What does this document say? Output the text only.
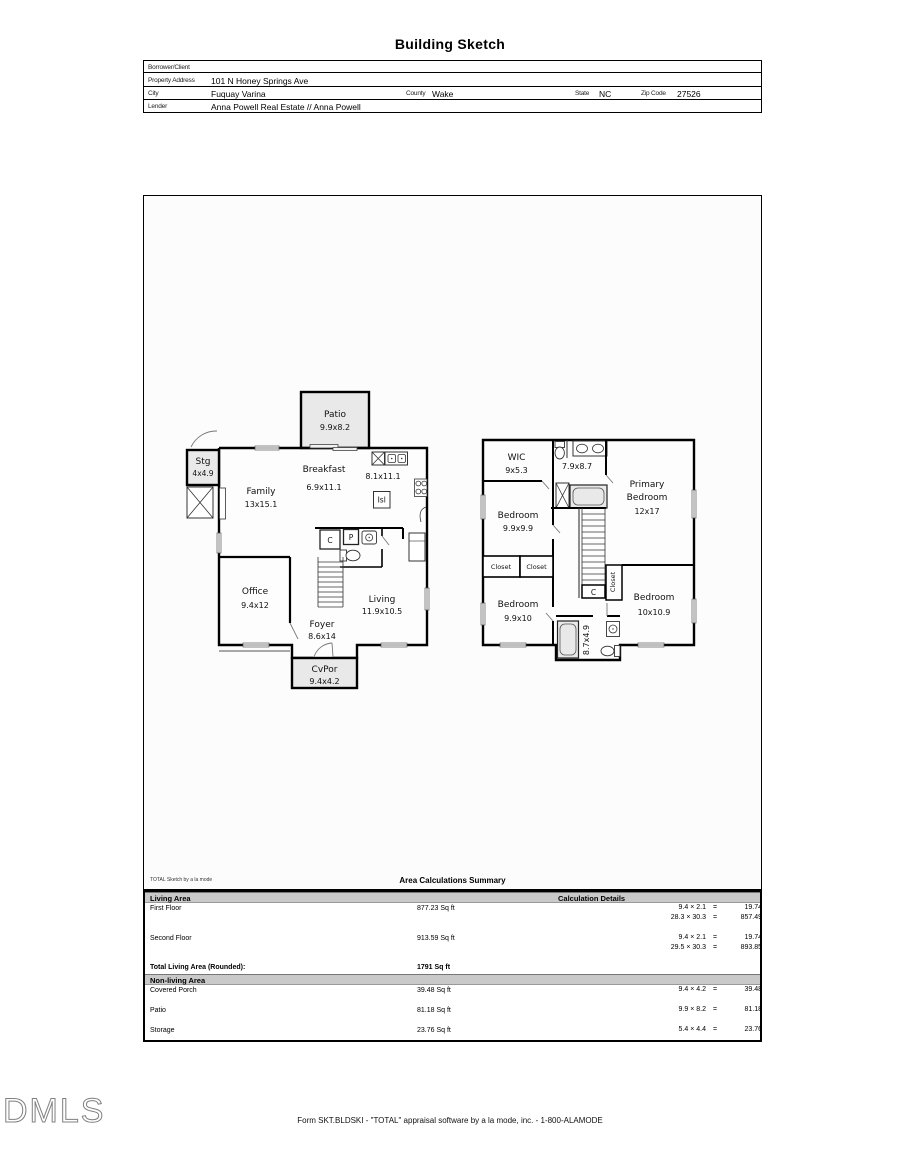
Building Sketch
Borrower/Client
Property Address 101 N Honey Springs Ave
City	Fuquay Varina	County Wake	State NC	Zip Code 27526
Lender	Anna Powell Real Estate // Anna Powell
Patio
9.9x8.2
Stg
4x4.9
Family
13x15.1
Breakfast
6.9x11.1
8.1x11.1
Isl
C P
Office
9.4x12
Living
11.9x10.5
Foyer
8.6x14
CvPor
9.4x4.2
WIC
9x5.3	7.9x8.7
Primary
Bedroom
12x17
Bedroom
9.9x9.9
Closet Closet
C
Closet
Bedroom
9.9x10
Bedroom
10x10.9
8.7x4.9
TOTAL Sketch by a la mode	Area Calculations Summary
Living Area	Calculation Details
First Floor	877.23 Sq ft	9.4 × 2.1 =	19.74
28.3 × 30.3 =	857.49
Second Floor	913.59 Sq ft	9.4 × 2.1 =	19.74
29.5 × 30.3 =	893.85
Total Living Area (Rounded):	1791 Sq ft
Non-living Area
Covered Porch	39.48 Sq ft	9.4 × 4.2 =	39.48
Patio	81.18 Sq ft	9.9 × 8.2 =	81.18
Storage	23.76 Sq ft	5.4 × 4.4 =	23.76
DMLS	Form SKT.BLDSKI - "TOTAL" appraisal software by a la mode, inc. - 1-800-ALAMODE
